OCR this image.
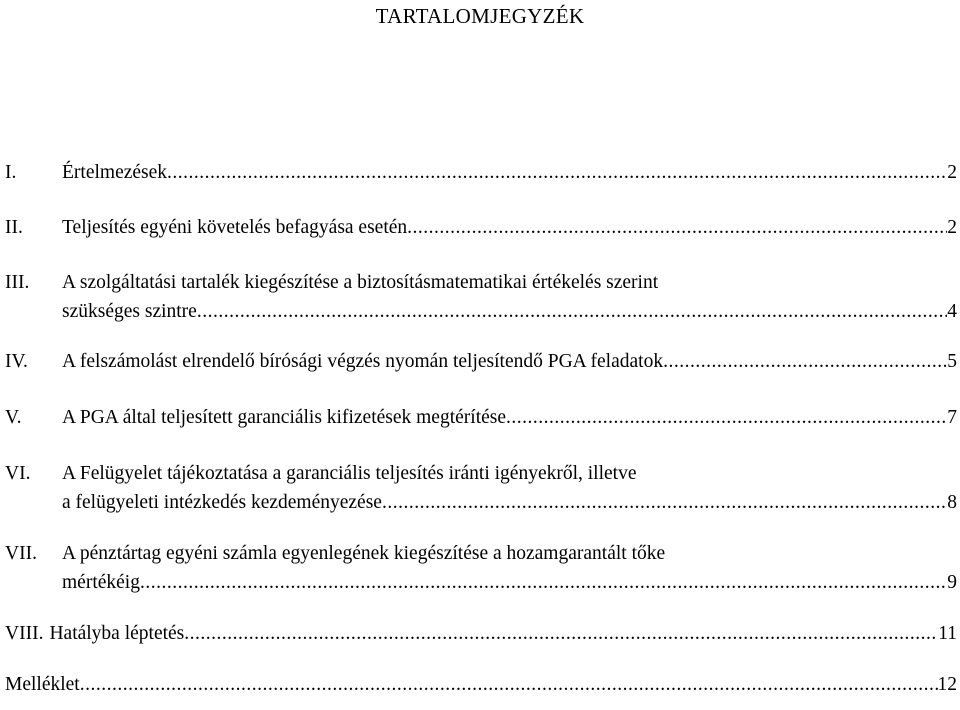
TARTALOMJEGYZÉK
I.	Értelmezések .....	2
II.	Teljesítés egyéni követelés befagyása esetén .....	2
III.	A szolgáltatási tartalék kiegészítése a biztosításmatematikai értékelés szerint
szükséges szintre .....	4
IV.	A felszámolást elrendelő bírósági végzés nyomán teljesítendő PGA feladatok .....	5
V.	A PGA által teljesített garanciális kifizetések megtérítése .....	7
VI.	A Felügyelet tájékoztatása a garanciális teljesítés iránti igényekről, illetve
a felügyeleti intézkedés kezdeményezése .....	8
VII.	A pénztártag egyéni számla egyenlegének kiegészítése a hozamgarantált tőke
mértékéig .....	9
VIII. Hatályba léptetés .....	11
Melléklet .....	12
